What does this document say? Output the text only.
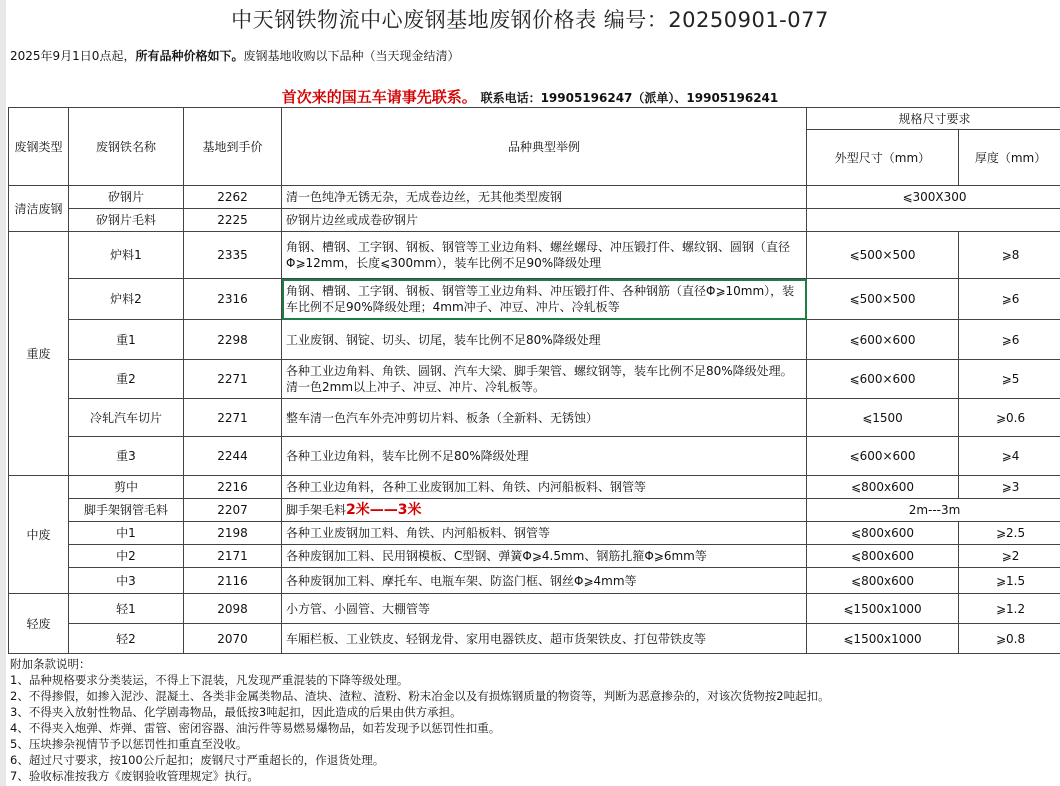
中天钢铁物流中心废钢基地废钢价格表 编号：20250901-077
2025年9月1日0点起，所有品种价格如下。废钢基地收购以下品种（当天现金结清）
首次来的国五车请事先联系。 联系电话：19905196247（派单）、19905196241
废钢类型	废钢铁名称	基地到手价	品种典型举例	规格尺寸要求	
				外型尺寸（mm）	厚度（mm）
清洁废钢	矽钢片	2262	清一色纯净无锈无杂，无成卷边丝，无其他类型废钢	⩽300X300	
	矽钢片毛料	2225	矽钢片边丝或成卷矽钢片		
重废	炉料1	2335	角钢、槽钢、工字钢、钢板、钢管等工业边角料、螺丝螺母、冲压锻打件、螺纹钢、圆钢（直径Φ⩾12mm，长度⩽300mm），装车比例不足90%降级处理	⩽500×500	⩾8
	炉料2	2316	角钢、槽钢、工字钢、钢板、钢管等工业边角料、冲压锻打件、各种钢筋（直径Φ⩾10mm），装车比例不足90%降级处理；4mm冲子、冲豆、冲片、冷轧板等	⩽500×500	⩾6
	重1	2298	工业废钢、钢锭、切头、切尾，装车比例不足80%降级处理	⩽600×600	⩾6
	重2	2271	各种工业边角料、角铁、圆钢、汽车大梁、脚手架管、螺纹钢等，装车比例不足80%降级处理。清一色2mm以上冲子、冲豆、冲片、冷轧板等。	⩽600×600	⩾5
	冷轧汽车切片	2271	整车清一色汽车外壳冲剪切片料、板条（全新料、无锈蚀）	⩽1500	⩾0.6
	重3	2244	各种工业边角料，装车比例不足80%降级处理	⩽600×600	⩾4
中废	剪中	2216	各种工业边角料，各种工业废钢加工料、角铁、内河船板料、钢管等	⩽800x600	⩾3
	脚手架钢管毛料	2207	脚手架毛料2米——3米	2m---3m	
	中1	2198	各种工业废钢加工料、角铁、内河船板料、钢管等	⩽800x600	⩾2.5
	中2	2171	各种废钢加工料、民用钢模板、C型钢、弹簧Φ⩾4.5mm、钢筋扎箍Φ⩾6mm等	⩽800x600	⩾2
	中3	2116	各种废钢加工料、摩托车、电瓶车架、防盗门框、钢丝Φ⩾4mm等	⩽800x600	⩾1.5
轻废	轻1	2098	小方管、小圆管、大棚管等	⩽1500x1000	⩾1.2
	轻2	2070	车厢栏板、工业铁皮、轻钢龙骨、家用电器铁皮、超市货架铁皮、打包带铁皮等	⩽1500x1000	⩾0.8
附加条款说明：
1、品种规格要求分类装运，不得上下混装，凡发现严重混装的下降等级处理。
2、不得掺假，如掺入泥沙、混凝土、各类非金属类物品、渣块、渣粒、渣粉、粉末冶金以及有损炼钢质量的物资等，判断为恶意掺杂的，对该次货物按2吨起扣。
3、不得夹入放射性物品、化学剧毒物品，最低按3吨起扣，因此造成的后果由供方承担。
4、不得夹入炮弹、炸弹、雷管、密闭容器、油污件等易燃易爆物品，如若发现予以惩罚性扣重。
5、压块掺杂视情节予以惩罚性扣重直至没收。
6、超过尺寸要求，按100公斤起扣；废钢尺寸严重超长的，作退货处理。
7、验收标准按我方《废钢验收管理规定》执行。
